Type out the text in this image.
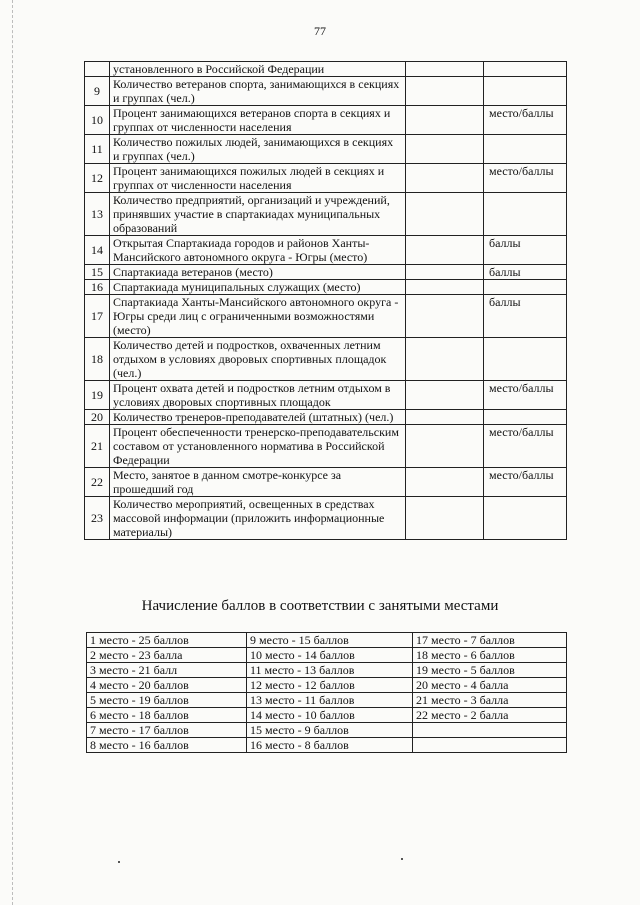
77
	установленного в Российской Федерации		
9	Количество ветеранов спорта, занимающихся в секциях и группах (чел.)		
10	Процент занимающихся ветеранов спорта в секциях и группах от численности населения		место/баллы
11	Количество пожилых людей, занимающихся в секциях и группах (чел.)		
12	Процент занимающихся пожилых людей в секциях и группах от численности населения		место/баллы
13	Количество предприятий, организаций и учреждений, принявших участие в спартакиадах муниципальных образований		
14	Открытая Спартакиада городов и районов Ханты-Мансийского автономного округа - Югры (место)		баллы
15	Спартакиада ветеранов (место)		баллы
16	Спартакиада муниципальных служащих (место)		
17	Спартакиада Ханты-Мансийского автономного округа - Югры среди лиц с ограниченными возможностями (место)		баллы
18	Количество детей и подростков, охваченных летним отдыхом в условиях дворовых спортивных площадок (чел.)		
19	Процент охвата детей и подростков летним отдыхом в условиях дворовых спортивных площадок		место/баллы
20	Количество тренеров-преподавателей (штатных) (чел.)		
21	Процент обеспеченности тренерско-преподавательским составом от установленного норматива в Российской Федерации		место/баллы
22	Место, занятое в данном смотре-конкурсе за прошедший год		место/баллы
23	Количество мероприятий, освещенных в средствах массовой информации (приложить информационные материалы)		
Начисление баллов в соответствии с занятыми местами
1 место - 25 баллов	9 место - 15 баллов	17 место - 7 баллов
2 место - 23 балла	10 место - 14 баллов	18 место - 6 баллов
3 место - 21 балл	11 место - 13 баллов	19 место - 5 баллов
4 место - 20 баллов	12 место - 12 баллов	20 место - 4 балла
5 место - 19 баллов	13 место - 11 баллов	21 место - 3 балла
6 место - 18 баллов	14 место - 10 баллов	22 место - 2 балла
7 место - 17 баллов	15 место - 9 баллов	
8 место - 16 баллов	16 место - 8 баллов	
